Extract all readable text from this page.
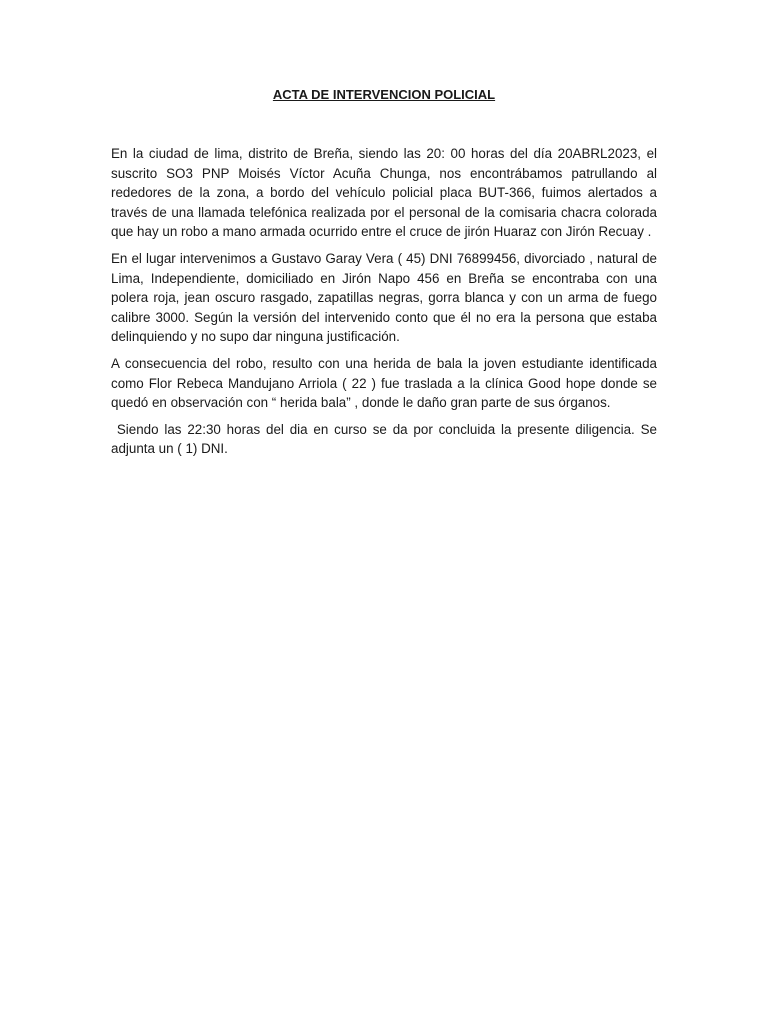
ACTA DE INTERVENCION POLICIAL

En la ciudad de lima, distrito de Breña, siendo las 20: 00 horas del día 20ABRL2023, el suscrito SO3 PNP Moisés Víctor Acuña Chunga, nos encontrábamos patrullando al rededores de la zona, a bordo del vehículo policial placa BUT-366, fuimos alertados a través de una llamada telefónica realizada por el personal de la comisaria chacra colorada que hay un robo a mano armada ocurrido entre el cruce de jirón Huaraz con Jirón Recuay .

En el lugar intervenimos a Gustavo Garay Vera ( 45) DNI 76899456, divorciado , natural de Lima, Independiente, domiciliado en Jirón Napo 456 en Breña se encontraba con una polera roja, jean oscuro rasgado, zapatillas negras, gorra blanca y con un arma de fuego calibre 3000. Según la versión del intervenido conto que él no era la persona que estaba delinquiendo y no supo dar ninguna justificación.

A consecuencia del robo, resulto con una herida de bala la joven estudiante identificada como Flor Rebeca Mandujano Arriola ( 22 ) fue traslada a la clínica Good hope donde se quedó en observación con “ herida bala” , donde le daño gran parte de sus órganos.

Siendo las 22:30 horas del dia en curso se da por concluida la presente diligencia. Se adjunta un ( 1) DNI.
